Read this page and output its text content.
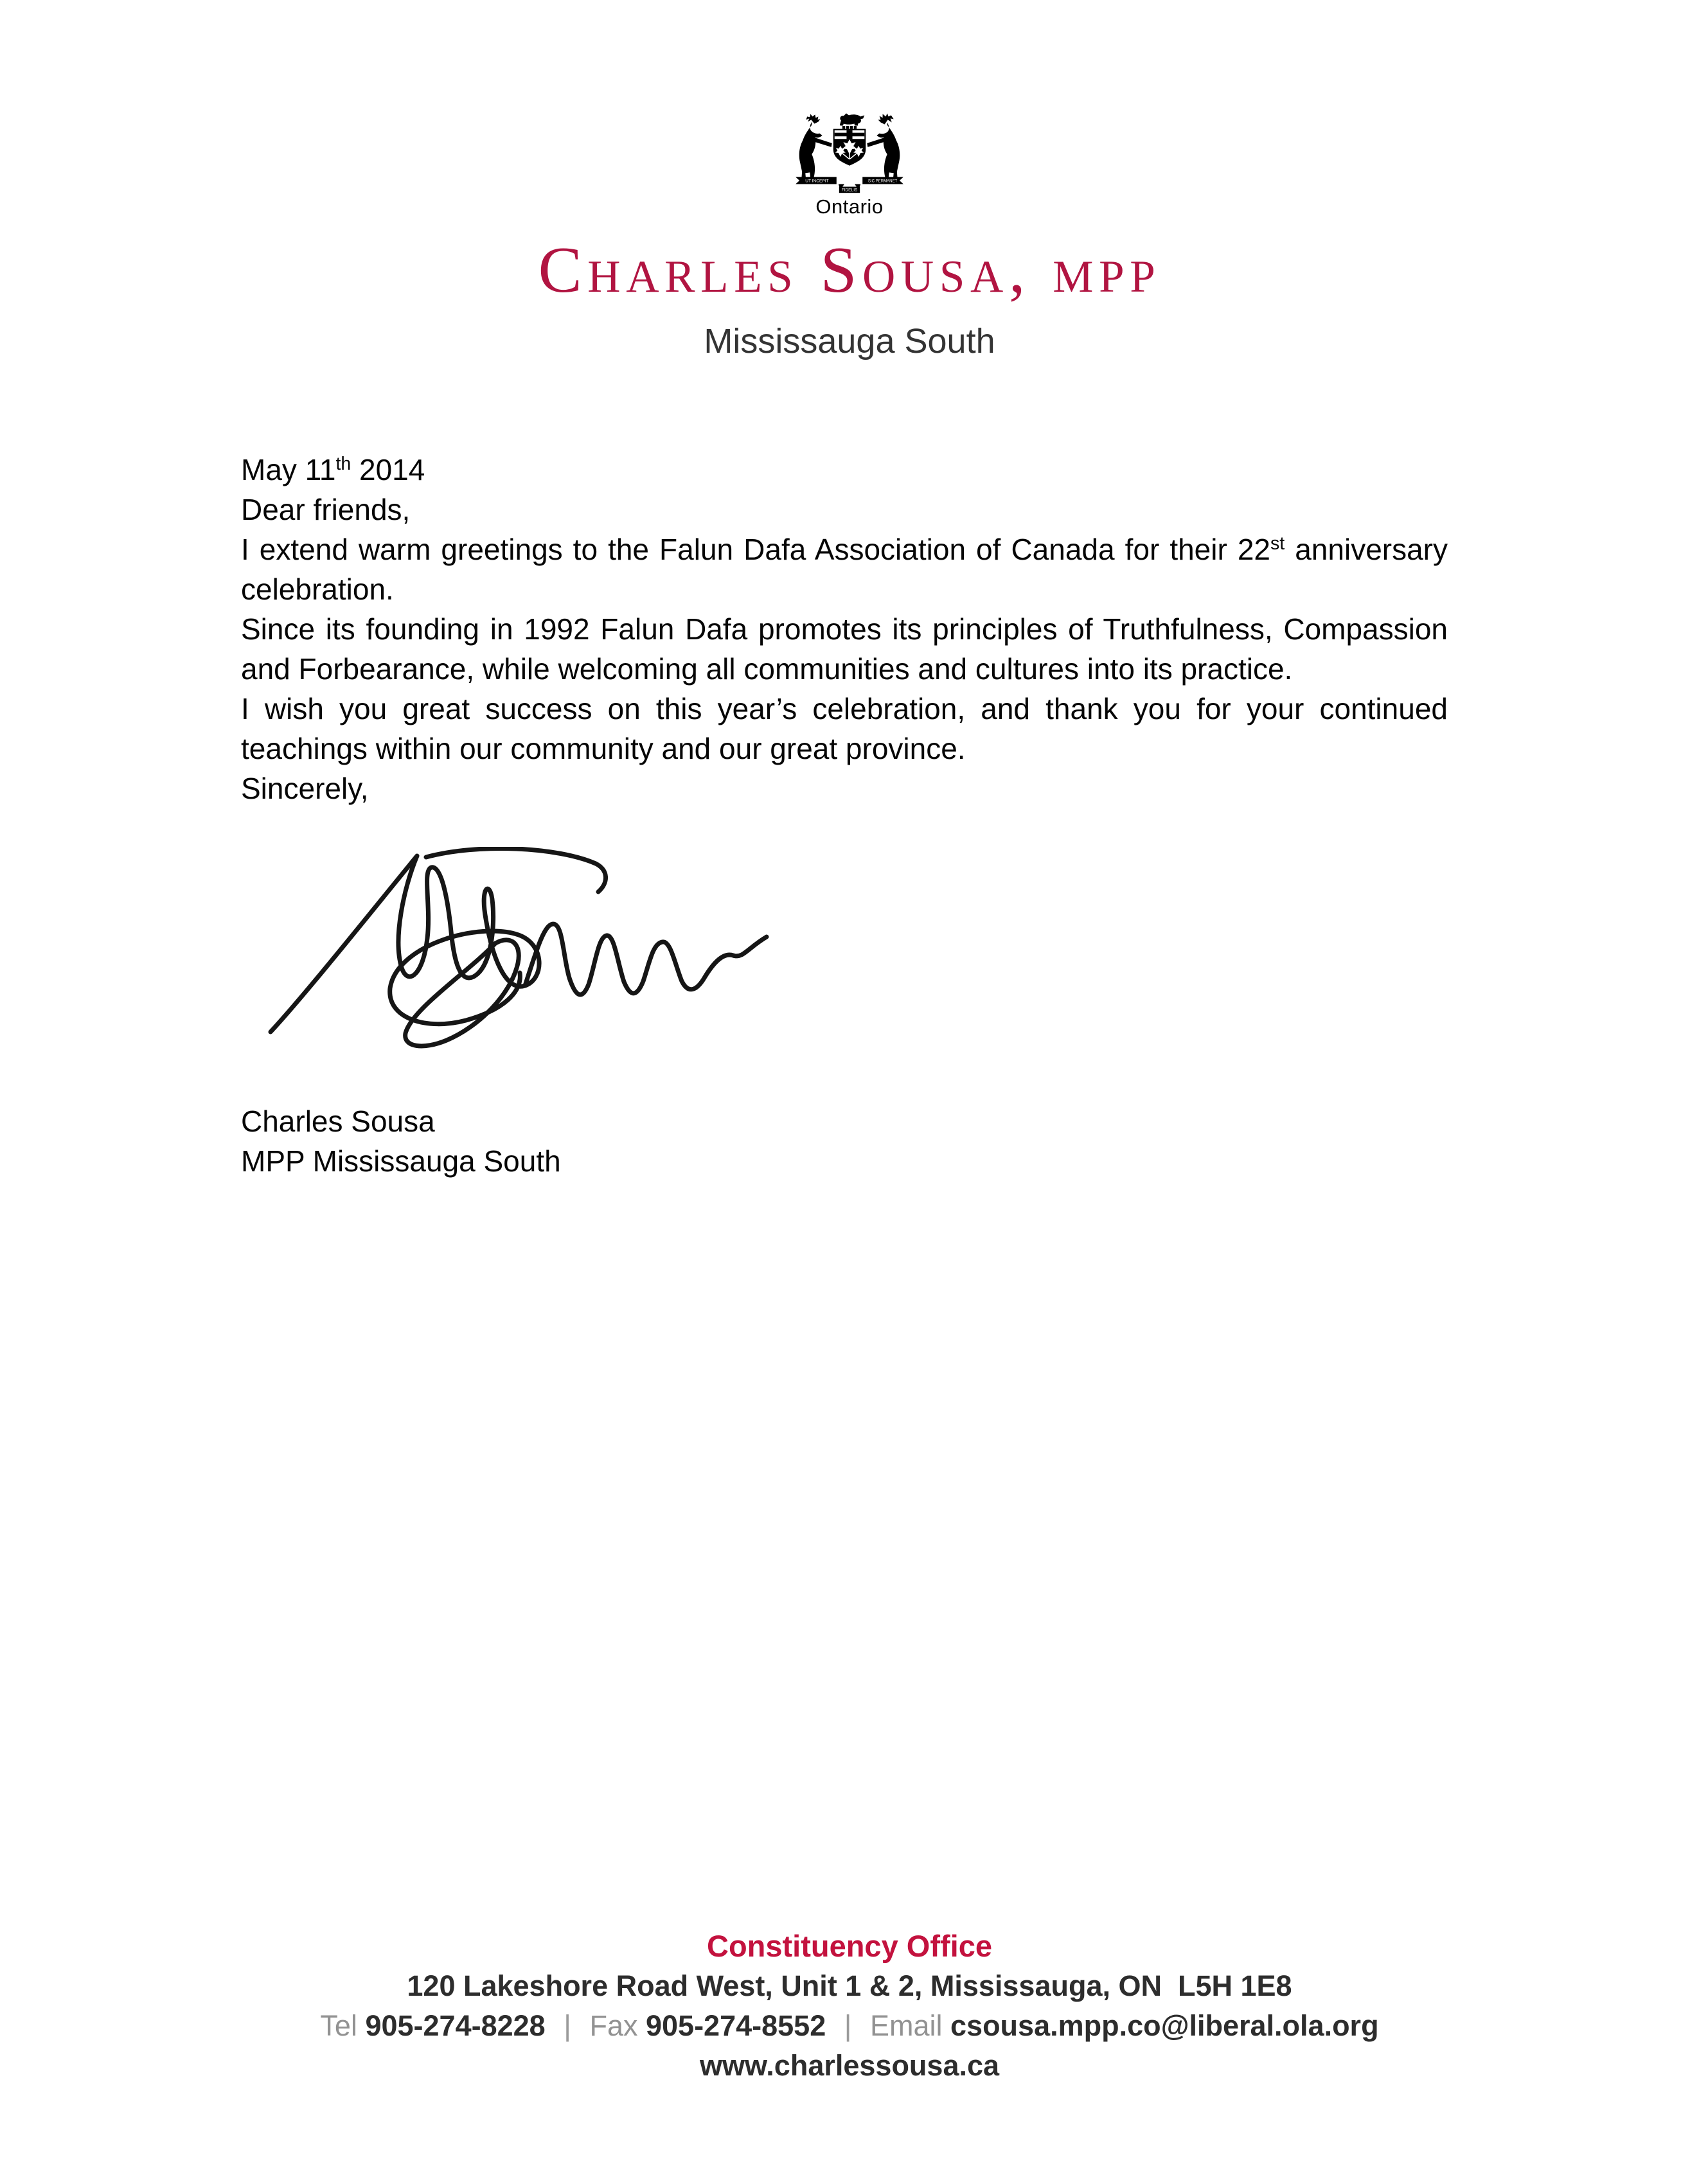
UT INCEPIT	SIC PERMANET
FIDELIS
Ontario
Charles Sousa, mpp
Mississauga South

May 11th 2014

Dear friends,

I extend warm greetings to the Falun Dafa Association of Canada for their 22st anniversary celebration.

Since its founding in 1992 Falun Dafa promotes its principles of Truthfulness, Compassion and Forbearance, while welcoming all communities and cultures into its practice.

I wish you great success on this year’s celebration, and thank you for your continued teachings within our community and our great province.

Sincerely,

Charles Sousa
MPP Mississauga South
Constituency Office
120 Lakeshore Road West, Unit 1 & 2, Mississauga, ON  L5H 1E8
Tel 905-274-8228 | Fax 905-274-8552 | Email csousa.mpp.co@liberal.ola.org
www.charlessousa.ca
